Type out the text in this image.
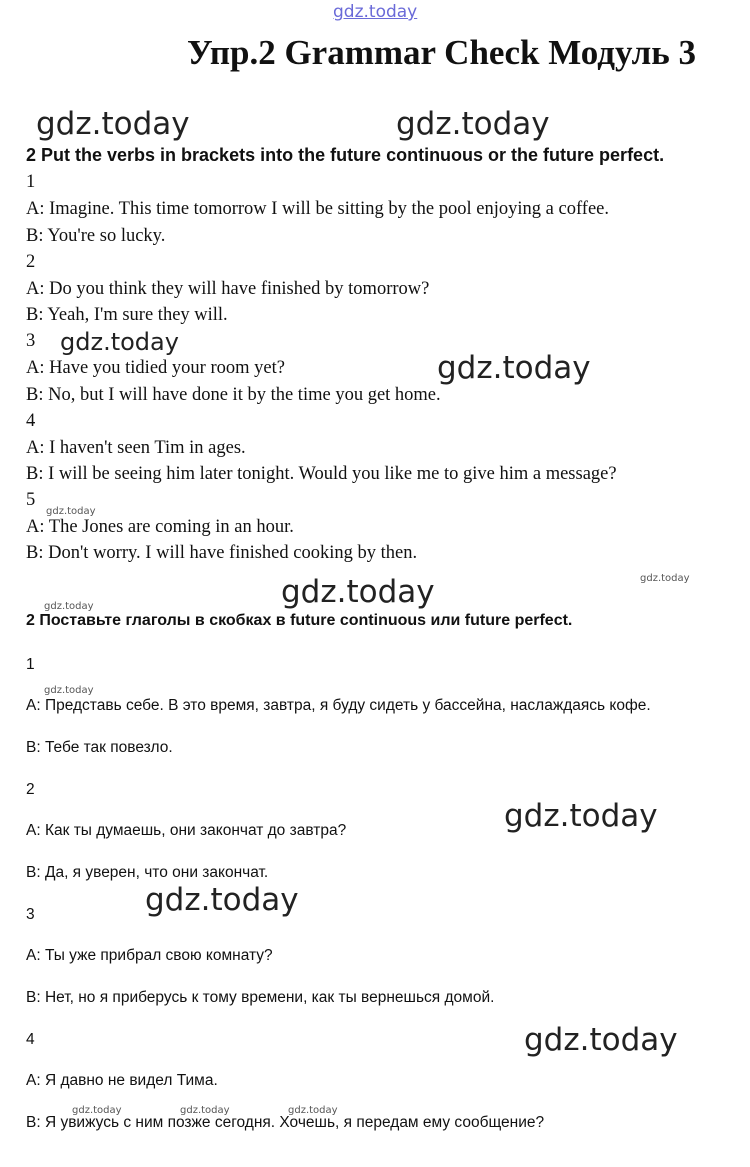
gdz.today
Упр.2 Grammar Check Модуль 3
gdz.today	gdz.today
gdz.today
gdz.today
gdz.today
gdz.today
gdz.today
gdz.today
gdz.today
gdz.today
gdz.today
gdz.today
gdz.today	gdz.today	gdz.today
2 Put the verbs in brackets into the future continuous or the future perfect.
1
A: Imagine. This time tomorrow I will be sitting by the pool enjoying a coffee.
B: You're so lucky.
2
A: Do you think they will have finished by tomorrow?
B: Yeah, I'm sure they will.
3
A: Have you tidied your room yet?
B: No, but I will have done it by the time you get home.
4
A: I haven't seen Tim in ages.
B: I will be seeing him later tonight. Would you like me to give him a message?
5
A: The Jones are coming in an hour.
B: Don't worry. I will have finished cooking by then.
2 Поставьте глаголы в скобках в future continuous или future perfect.
1
A: Представь себе. В это время, завтра, я буду сидеть у бассейна, наслаждаясь кофе.
B: Тебе так повезло.
2
A: Как ты думаешь, они закончат до завтра?
B: Да, я уверен, что они закончат.
3
A: Ты уже прибрал свою комнату?
B: Нет, но я приберусь к тому времени, как ты вернешься домой.
4
A: Я давно не видел Тима.
B: Я увижусь с ним позже сегодня. Хочешь, я передам ему сообщение?
